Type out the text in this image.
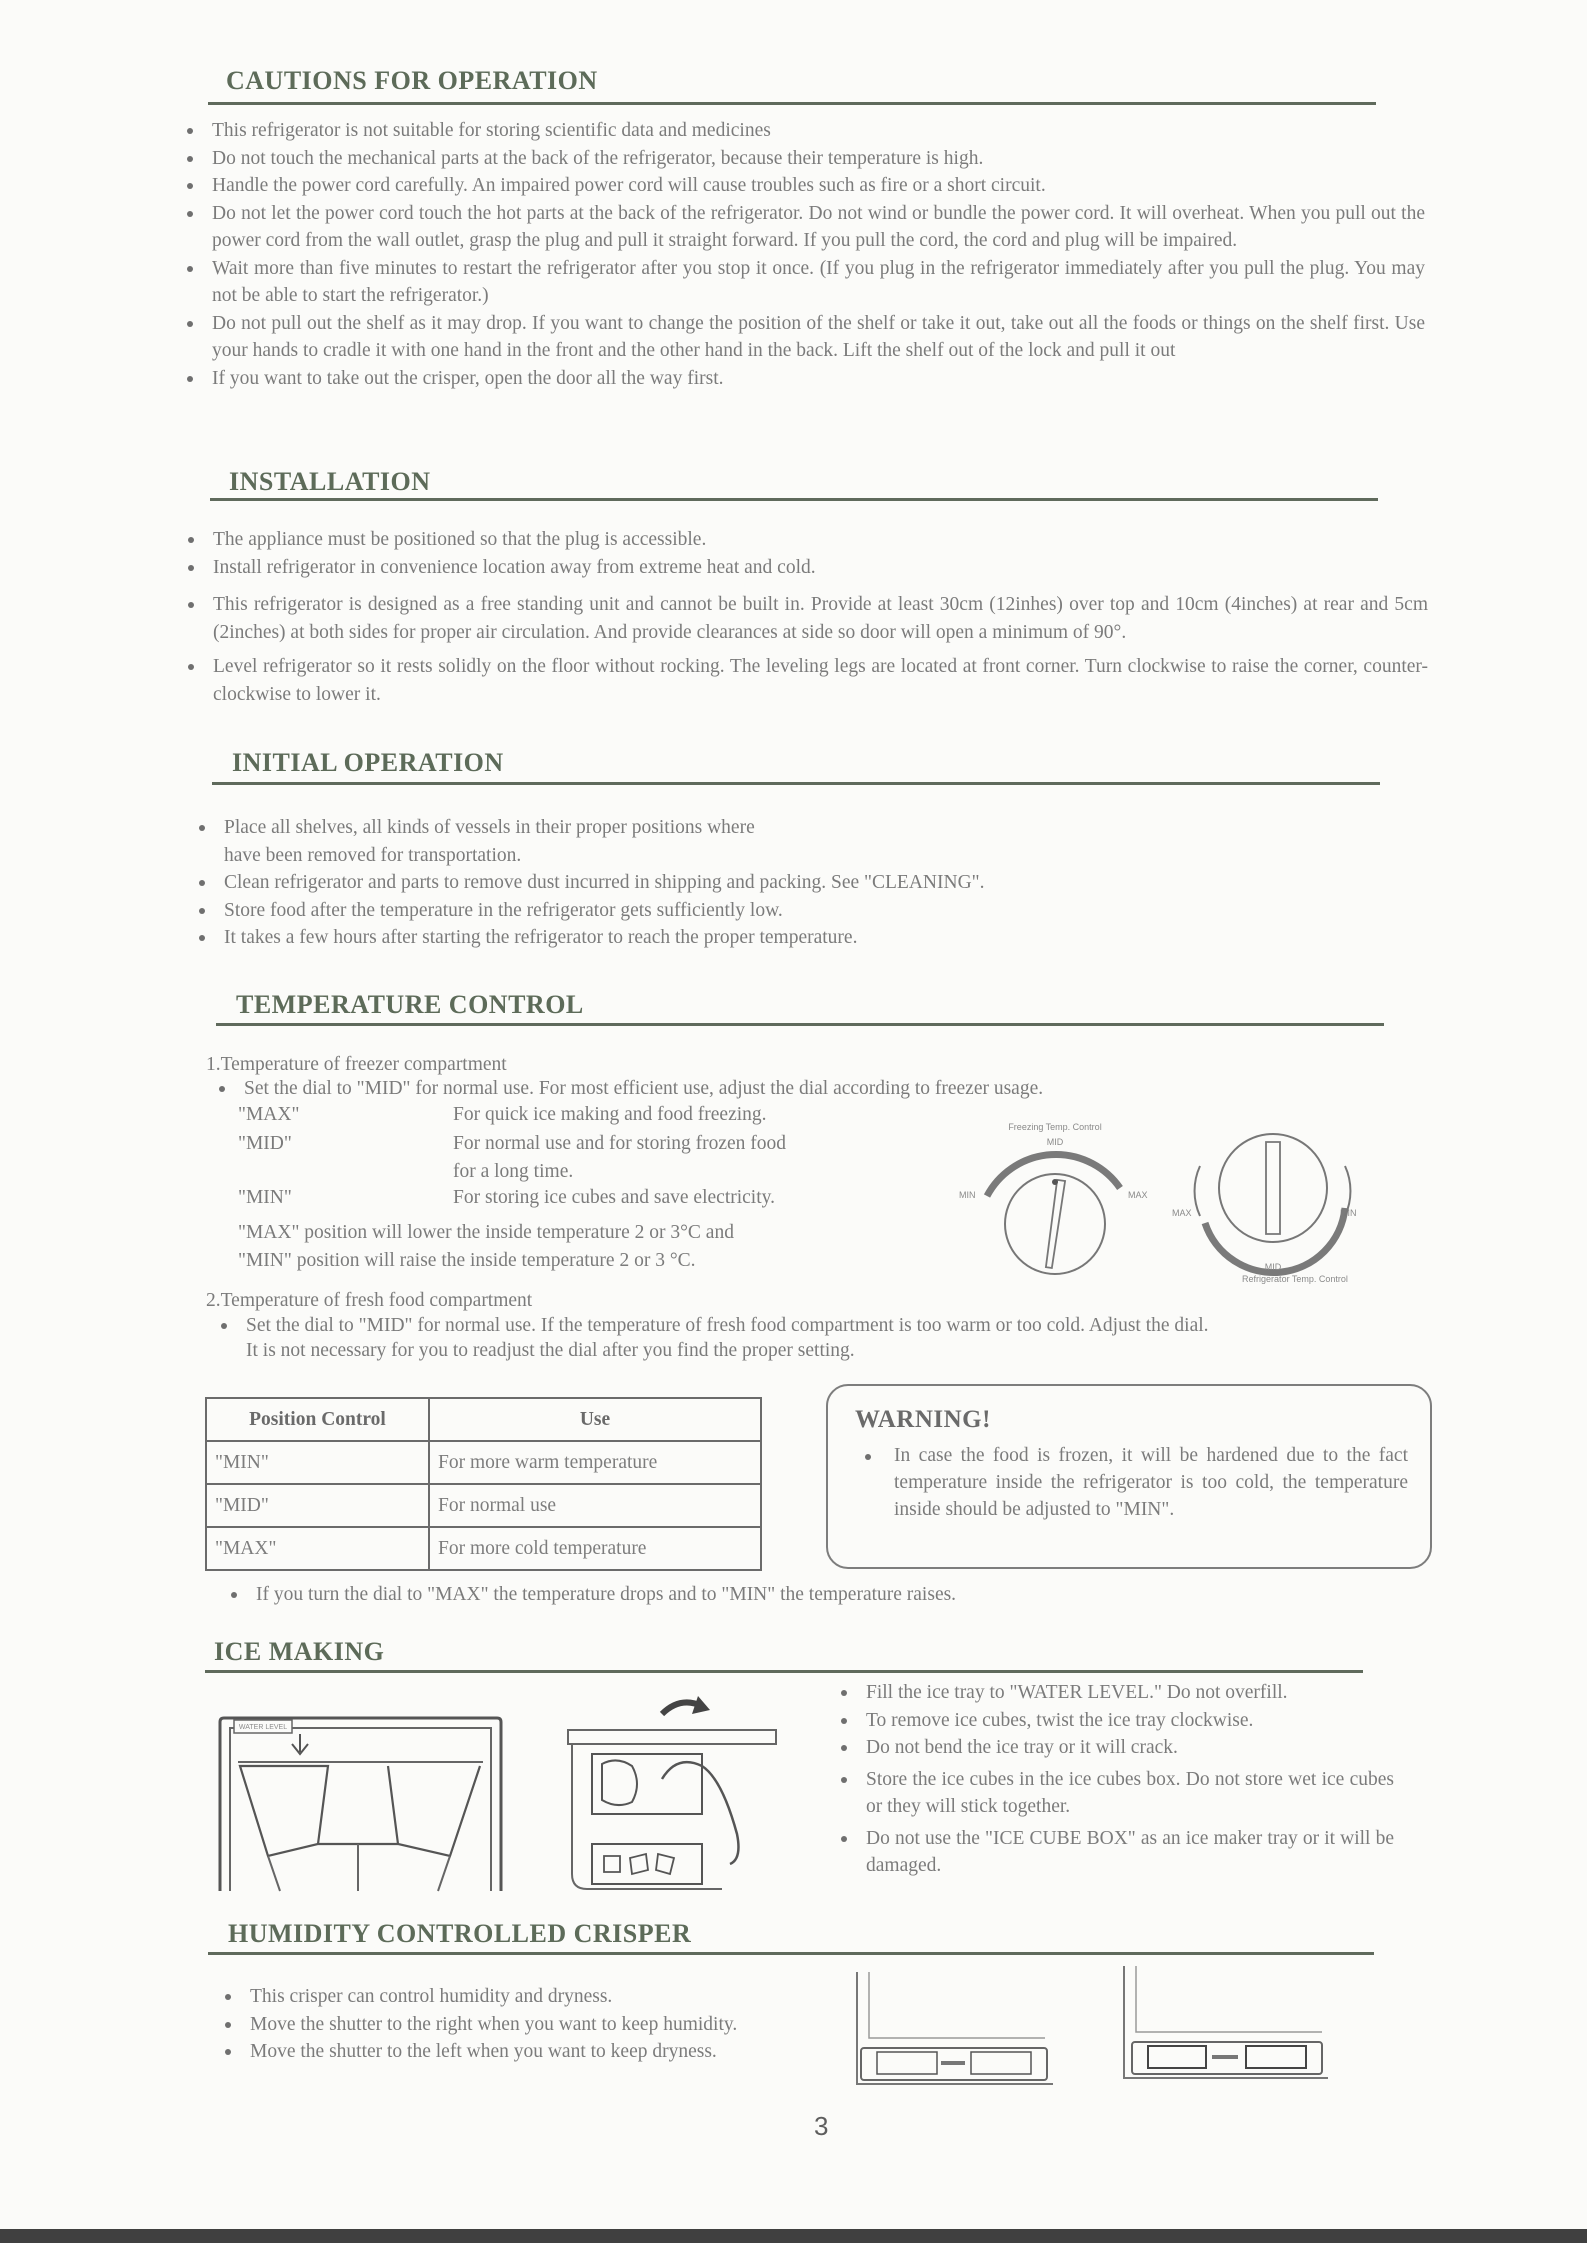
CAUTIONS FOR OPERATION
This refrigerator is not suitable for storing scientific data and medicines
Do not touch the mechanical parts at the back of the refrigerator, because their temperature is high.
Handle the power cord carefully. An impaired power cord will cause troubles such as fire or a short circuit.
Do not let the power cord touch the hot parts at the back of the refrigerator. Do not wind or bundle the power cord. It will overheat. When you pull out the power cord from the wall outlet, grasp the plug and pull it straight forward. If you pull the cord, the cord and plug will be impaired.
Wait more than five minutes to restart the refrigerator after you stop it once. (If you plug in the refrigerator immediately after you pull the plug. You may not be able to start the refrigerator.)
Do not pull out the shelf as it may drop. If you want to change the position of the shelf or take it out, take out all the foods or things on the shelf first. Use your hands to cradle it with one hand in the front and the other hand in the back. Lift the shelf out of the lock and pull it out
If you want to take out the crisper, open the door all the way first.
INSTALLATION
The appliance must be positioned so that the plug is accessible.
Install refrigerator in convenience location away from extreme heat and cold.
This refrigerator is designed as a free standing unit and cannot be built in. Provide at least 30cm (12inhes) over top and 10cm (4inches) at rear and 5cm (2inches) at both sides for proper air circulation. And provide clearances at side so door will open a minimum of 90°.
Level refrigerator so it rests solidly on the floor without rocking. The leveling legs are located at front corner. Turn clockwise to raise the corner, counter-clockwise to lower it.
INITIAL OPERATION
Place all shelves, all kinds of vessels in their proper positions where have been removed for transportation.
Clean refrigerator and parts to remove dust incurred in shipping and packing. See "CLEANING".
Store food after the temperature in the refrigerator gets sufficiently low.
It takes a few hours after starting the refrigerator to reach the proper temperature.
TEMPERATURE CONTROL
1.Temperature of freezer compartment
Set the dial to "MID" for normal use. For most efficient use, adjust the dial according to freezer usage.
"MAX"	For quick ice making and food freezing.
"MID"	For normal use and for storing frozen food
for a long time.
"MIN"	For storing ice cubes and save electricity.
"MAX" position will lower the inside temperature 2 or 3°C and
"MIN" position will raise the inside temperature 2 or 3 °C.
Freezing Temp. Control
MID
MIN	MAX
MAX	MIN
MID
Refrigerator Temp. Control
2.Temperature of fresh food compartment
Set the dial to "MID" for normal use. If the temperature of fresh food compartment is too warm or too cold. Adjust the dial.
It is not necessary for you to readjust the dial after you find the proper setting.
Position Control	Use
"MIN"	For more warm temperature
"MID"	For normal use
"MAX"	For more cold temperature
WARNING!
In case the food is frozen, it will be hardened due to the fact temperature inside the refrigerator is too cold, the temperature inside should be adjusted to "MIN".
If you turn the dial to "MAX" the temperature drops and to "MIN" the temperature raises.
ICE MAKING
WATER LEVEL
Fill the ice tray to "WATER LEVEL." Do not overfill.
To remove ice cubes, twist the ice tray clockwise.
Do not bend the ice tray or it will crack.
Store the ice cubes in the ice cubes box. Do not store wet ice cubes or they will stick together.
Do not use the "ICE CUBE BOX" as an ice maker tray or it will be damaged.
HUMIDITY CONTROLLED CRISPER
This crisper can control humidity and dryness.
Move the shutter to the right when you want to keep humidity.
Move the shutter to the left when you want to keep dryness.
3
